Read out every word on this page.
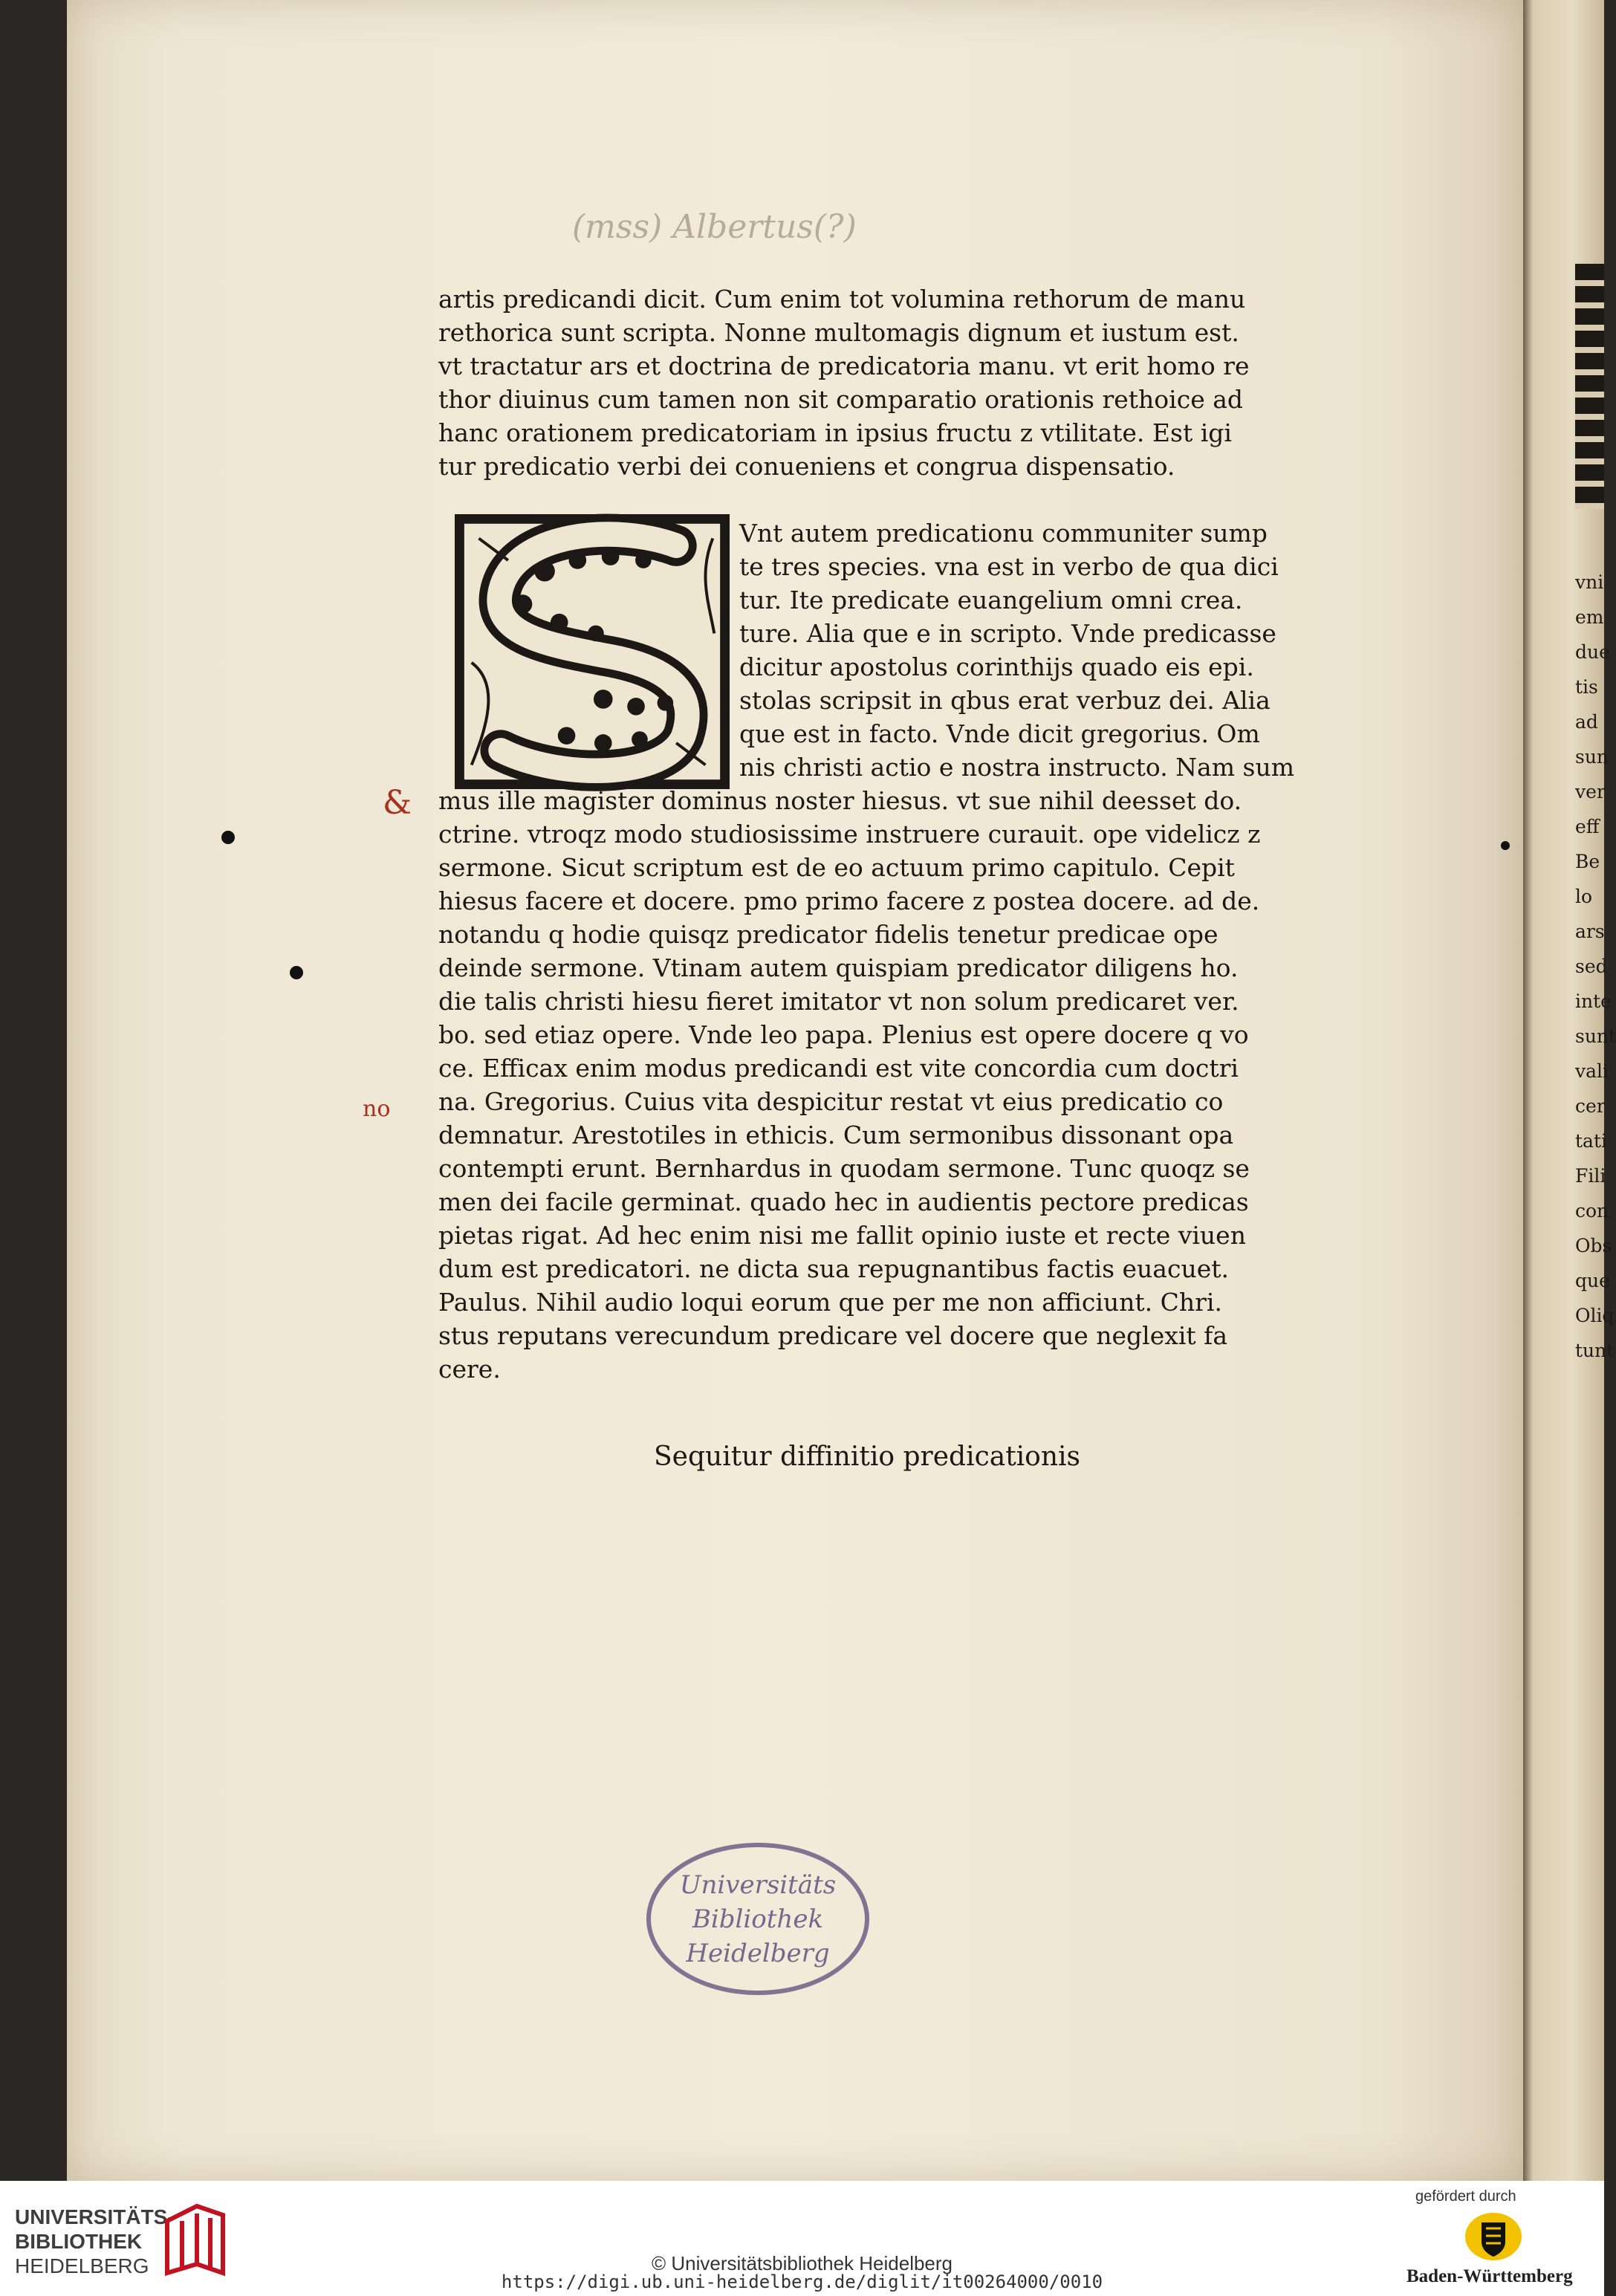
vni
em
due
tis
ad
sun
ver
eff
Be
lo
ars
sed
inte
sunt
vali
cer
tati
Fili
con
Obs
que
Oliq
tunt
(mss) Albertus(?)
artis predicandi dicit. Cum enim tot volumina rethorum de manu
rethorica sunt scripta. Nonne multomagis dignum et iustum est.
vt tractatur ars et doctrina de predicatoria manu. vt erit homo re
thor diuinus cum tamen non sit comparatio orationis rethoice ad
hanc orationem predicatoriam in ipsius fructu z vtilitate. Est igi
tur predicatio verbi dei conueniens et congrua dispensatio.
Vnt autem predicationu communiter sump
te tres species. vna est in verbo de qua dici
tur. Ite predicate euangelium omni crea.
ture. Alia que e in scripto. Vnde predicasse
dicitur apostolus corinthijs quado eis epi.
stolas scripsit in qbus erat verbuz dei. Alia
que est in facto. Vnde dicit gregorius. Om
nis christi actio e nostra instructo. Nam sum
mus ille magister dominus noster hiesus. vt sue nihil deesset do.
ctrine. vtroqz modo studiosissime instruere curauit. ope videlicz z
sermone. Sicut scriptum est de eo actuum primo capitulo. Cepit
hiesus facere et docere. pmo primo facere z postea docere. ad de.
notandu q hodie quisqz predicator fidelis tenetur predicae ope
deinde sermone. Vtinam autem quispiam predicator diligens ho.
die talis christi hiesu fieret imitator vt non solum predicaret ver.
bo. sed etiaz opere. Vnde leo papa. Plenius est opere docere q vo
ce. Efficax enim modus predicandi est vite concordia cum doctri
na. Gregorius. Cuius vita despicitur restat vt eius predicatio co
demnatur. Arestotiles in ethicis. Cum sermonibus dissonant opa
contempti erunt. Bernhardus in quodam sermone. Tunc quoqz se
men dei facile germinat. quado hec in audientis pectore predicas
pietas rigat. Ad hec enim nisi me fallit opinio iuste et recte viuen
dum est predicatori. ne dicta sua repugnantibus factis euacuet.
Paulus. Nihil audio loqui eorum que per me non afficiunt. Chri.
stus reputans verecundum predicare vel docere que neglexit fa
cere.
Sequitur diffinitio predicationis
&
no
Universitäts
Bibliothek
Heidelberg
UNIVERSITÄTS-
BIBLIOTHEK
HEIDELBERG	© Universitätsbibliothek Heidelberg
https://digi.ub.uni-heidelberg.de/diglit/it00264000/0010
gefördert durch
Baden-Württemberg
